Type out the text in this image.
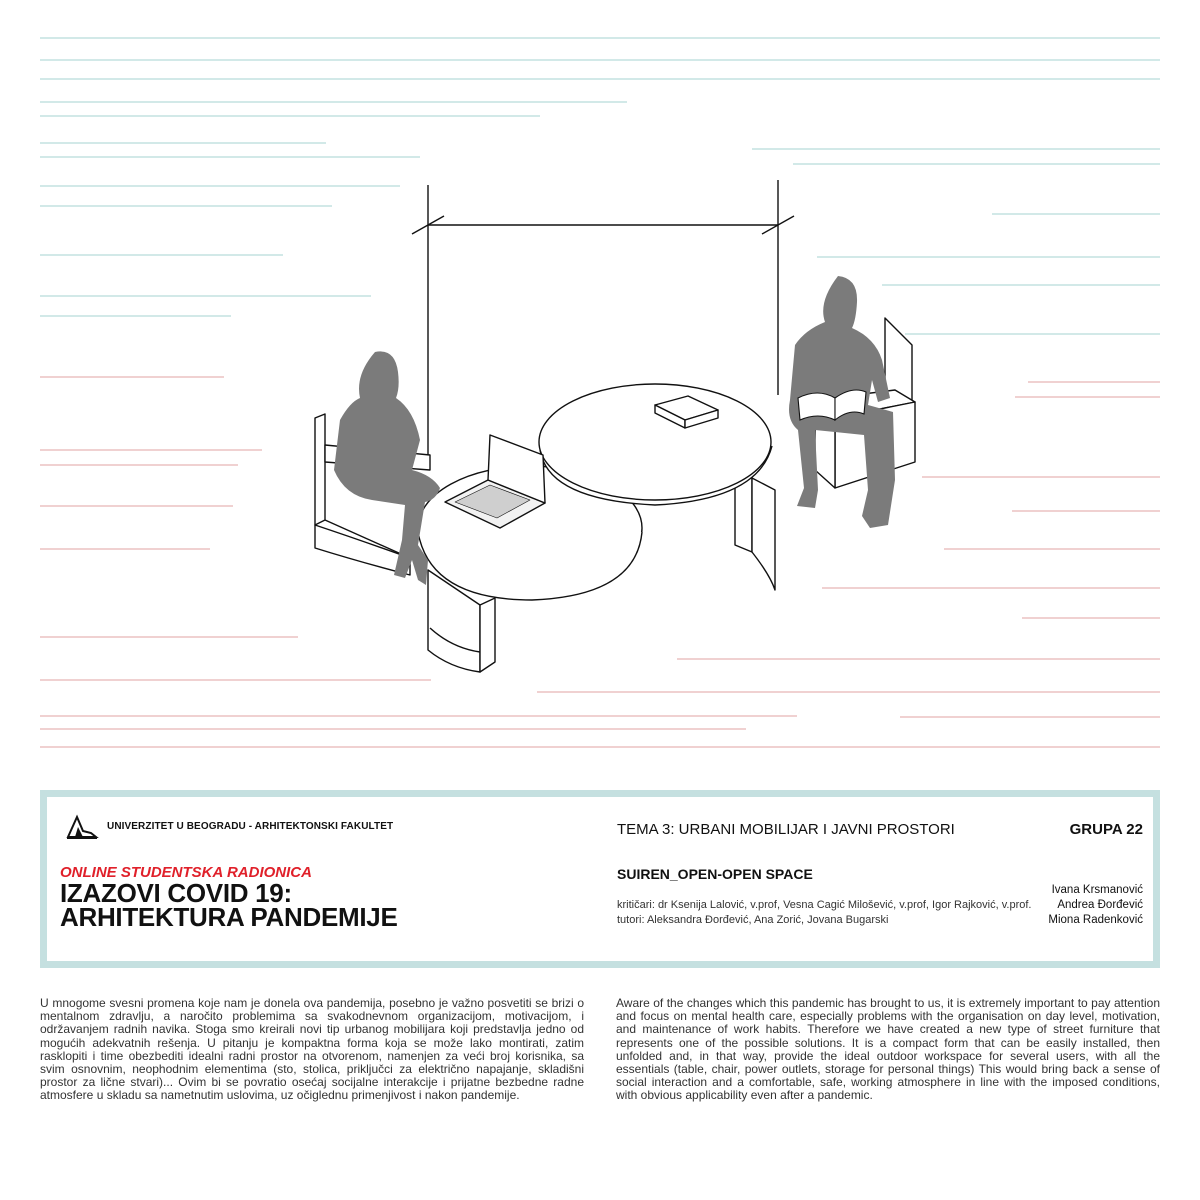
UNIVERZITET U BEOGRADU - ARHITEKTONSKI FAKULTET
ONLINE STUDENTSKA RADIONICA
IZAZOVI COVID 19:
ARHITEKTURA PANDEMIJE
TEMA 3: URBANI MOBILIJAR I JAVNI PROSTORI	GRUPA 22
SUIREN_OPEN-OPEN SPACE
kritičari: dr Ksenija Lalović, v.prof, Vesna Cagić Milošević, v.prof, Igor Rajković, v.prof.
tutori: Aleksandra Đorđević, Ana Zorić, Jovana Bugarski
Ivana Krsmanović
Andrea Đorđević
Miona Radenković
U mnogome svesni promena koje nam je donela ova pandemija, posebno je važno posvetiti se brizi o mentalnom zdravlju, a naročito problemima sa svakodnevnom organizacijom, motivacijom, i održavanjem radnih navika. Stoga smo kreirali novi tip urbanog mobilijara koji predstavlja jedno od mogućih adekvatnih rešenja. U pitanju je kompaktna forma koja se može lako montirati, zatim rasklopiti i time obezbediti idealni radni prostor na otvorenom, namenjen za veći broj korisnika, sa svim osnovnim, neophodnim elementima (sto, stolica, priključci za električno napajanje, skladišni prostor za lične stvari)... Ovim bi se povratio osećaj socijalne interakcije i prijatne bezbedne radne atmosfere u skladu sa nametnutim uslovima, uz očiglednu primenjivost i nakon pandemije.
Aware of the changes which this pandemic has brought to us, it is extremely important to pay attention and focus on mental health care, especially problems with the organisation on day level, motivation, and maintenance of work habits. Therefore we have created a new type of street furniture that represents one of the possible solutions. It is a compact form that can be easily installed, then unfolded and, in that way, provide the ideal outdoor workspace for several users, with all the essentials (table, chair, power outlets, storage for personal things) This would bring back a sense of social interaction and a comfortable, safe, working atmosphere in line with the imposed conditions, with obvious applicability even after a pandemic.
